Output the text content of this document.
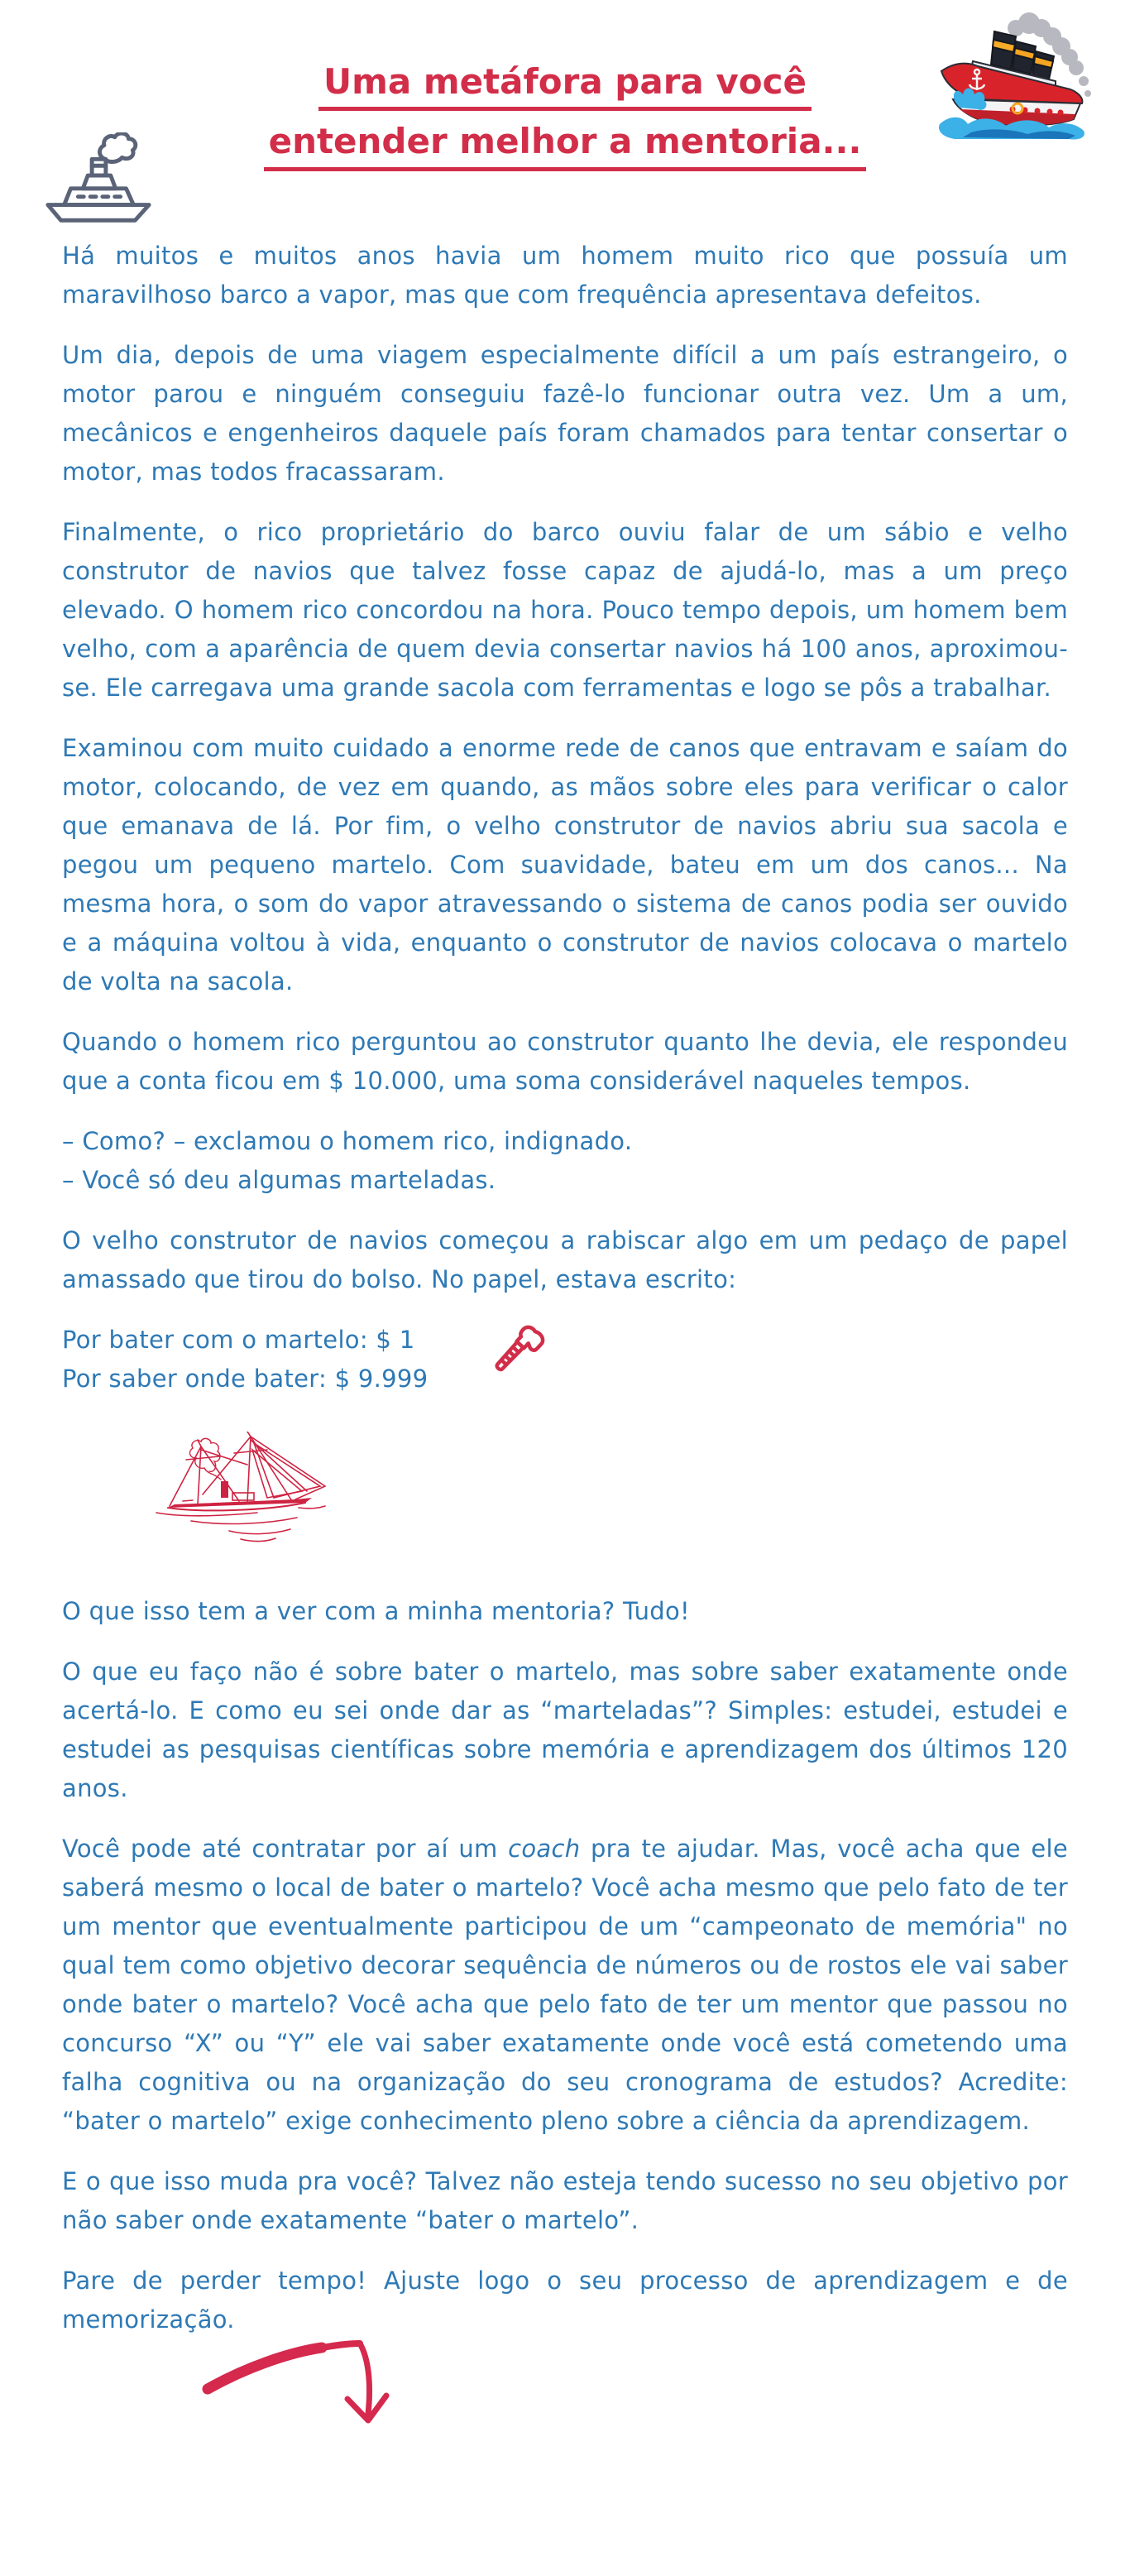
Uma metáfora para você
entender melhor a mentoria...

Há muitos e muitos anos havia um homem muito rico que possuía um maravilhoso barco a vapor, mas que com frequência apresentava defeitos.

Um dia, depois de uma viagem especialmente difícil a um país estrangeiro, o motor parou e ninguém conseguiu fazê-lo funcionar outra vez. Um a um, mecânicos e engenheiros daquele país foram chamados para tentar consertar o motor, mas todos fracassaram.

Finalmente, o rico proprietário do barco ouviu falar de um sábio e velho construtor de navios que talvez fosse capaz de ajudá-lo, mas a um preço elevado. O homem rico concordou na hora. Pouco tempo depois, um homem bem velho, com a aparência de quem devia consertar navios há 100 anos, aproximou-se. Ele carregava uma grande sacola com ferramentas e logo se pôs a trabalhar.

Examinou com muito cuidado a enorme rede de canos que entravam e saíam do motor, colocando, de vez em quando, as mãos sobre eles para verificar o calor que emanava de lá. Por fim, o velho construtor de navios abriu sua sacola e pegou um pequeno martelo. Com suavidade, bateu em um dos canos... Na mesma hora, o som do vapor atravessando o sistema de canos podia ser ouvido e a máquina voltou à vida, enquanto o construtor de navios colocava o martelo de volta na sacola.

Quando o homem rico perguntou ao construtor quanto lhe devia, ele respondeu que a conta ficou em $ 10.000, uma soma considerável naqueles tempos.

– Como? – exclamou o homem rico, indignado.

– Você só deu algumas marteladas.

O velho construtor de navios começou a rabiscar algo em um pedaço de papel amassado que tirou do bolso. No papel, estava escrito:

Por bater com o martelo: $ 1

Por saber onde bater: $ 9.999

O que isso tem a ver com a minha mentoria? Tudo!

O que eu faço não é sobre bater o martelo, mas sobre saber exatamente onde acertá-lo. E como eu sei onde dar as “marteladas”? Simples: estudei, estudei e estudei as pesquisas científicas sobre memória e aprendizagem dos últimos 120 anos.

Você pode até contratar por aí um coach pra te ajudar. Mas, você acha que ele saberá mesmo o local de bater o martelo? Você acha mesmo que pelo fato de ter um mentor que eventualmente participou de um “campeonato de memória" no qual tem como objetivo decorar sequência de números ou de rostos ele vai saber onde bater o martelo? Você acha que pelo fato de ter um mentor que passou no concurso “X” ou “Y” ele vai saber exatamente onde você está cometendo uma falha cognitiva ou na organização do seu cronograma de estudos? Acredite: “bater o martelo” exige conhecimento pleno sobre a ciência da aprendizagem.

E o que isso muda pra você? Talvez não esteja tendo sucesso no seu objetivo por não saber onde exatamente “bater o martelo”.

Pare de perder tempo! Ajuste logo o seu processo de aprendizagem e de memorização.
